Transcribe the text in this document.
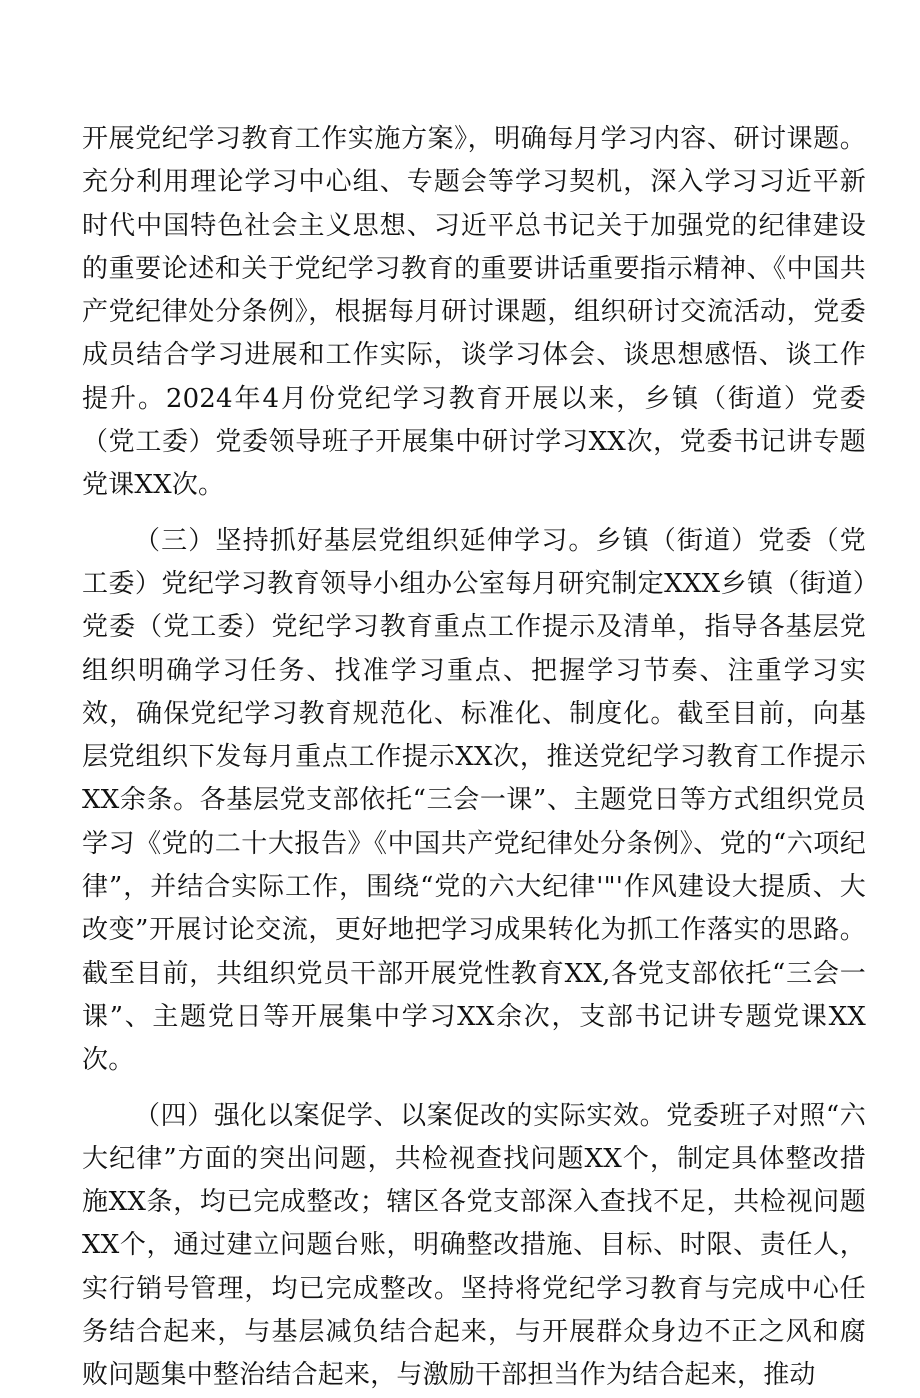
开展党纪学习教育工作实施方案》，明确每月学习内容、研讨课题。充分利用理论学习中心组、专题会等学习契机，深入学习习近平新时代中国特色社会主义思想、习近平总书记关于加强党的纪律建设的重要论述和关于党纪学习教育的重要讲话重要指示精神、《中国共产党纪律处分条例》，根据每月研讨课题，组织研讨交流活动，党委成员结合学习进展和工作实际，谈学习体会、谈思想感悟、谈工作提升。2024年4月份党纪学习教育开展以来，乡镇（街道）党委（党工委）党委领导班子开展集中研讨学习XX次，党委书记讲专题党课XX次。

（三）坚持抓好基层党组织延伸学习。乡镇（街道）党委（党工委）党纪学习教育领导小组办公室每月研究制定XXX乡镇（街道）党委（党工委）党纪学习教育重点工作提示及清单，指导各基层党组织明确学习任务、找准学习重点、把握学习节奏、注重学习实效，确保党纪学习教育规范化、标准化、制度化。截至目前，向基层党组织下发每月重点工作提示XX次，推送党纪学习教育工作提示XX余条。各基层党支部依托“三会一课”、主题党日等方式组织党员学习《党的二十大报告》《中国共产党纪律处分条例》、党的“六项纪律”，并结合实际工作，围绕“党的六大纪律'"'作风建设大提质、大改变”开展讨论交流，更好地把学习成果转化为抓工作落实的思路。截至目前，共组织党员干部开展党性教育XX,各党支部依托“三会一课”、主题党日等开展集中学习XX余次，支部书记讲专题党课XX次。

（四）强化以案促学、以案促改的实际实效。党委班子对照“六大纪律”方面的突出问题，共检视查找问题XX个，制定具体整改措施XX条，均已完成整改；辖区各党支部深入查找不足，共检视问题XX个，通过建立问题台账，明确整改措施、目标、时限、责任人，实行销号管理，均已完成整改。坚持将党纪学习教育与完成中心任务结合起来，与基层减负结合起来，与开展群众身边不正之风和腐败问题集中整治结合起来，与激励干部担当作为结合起来，推动
